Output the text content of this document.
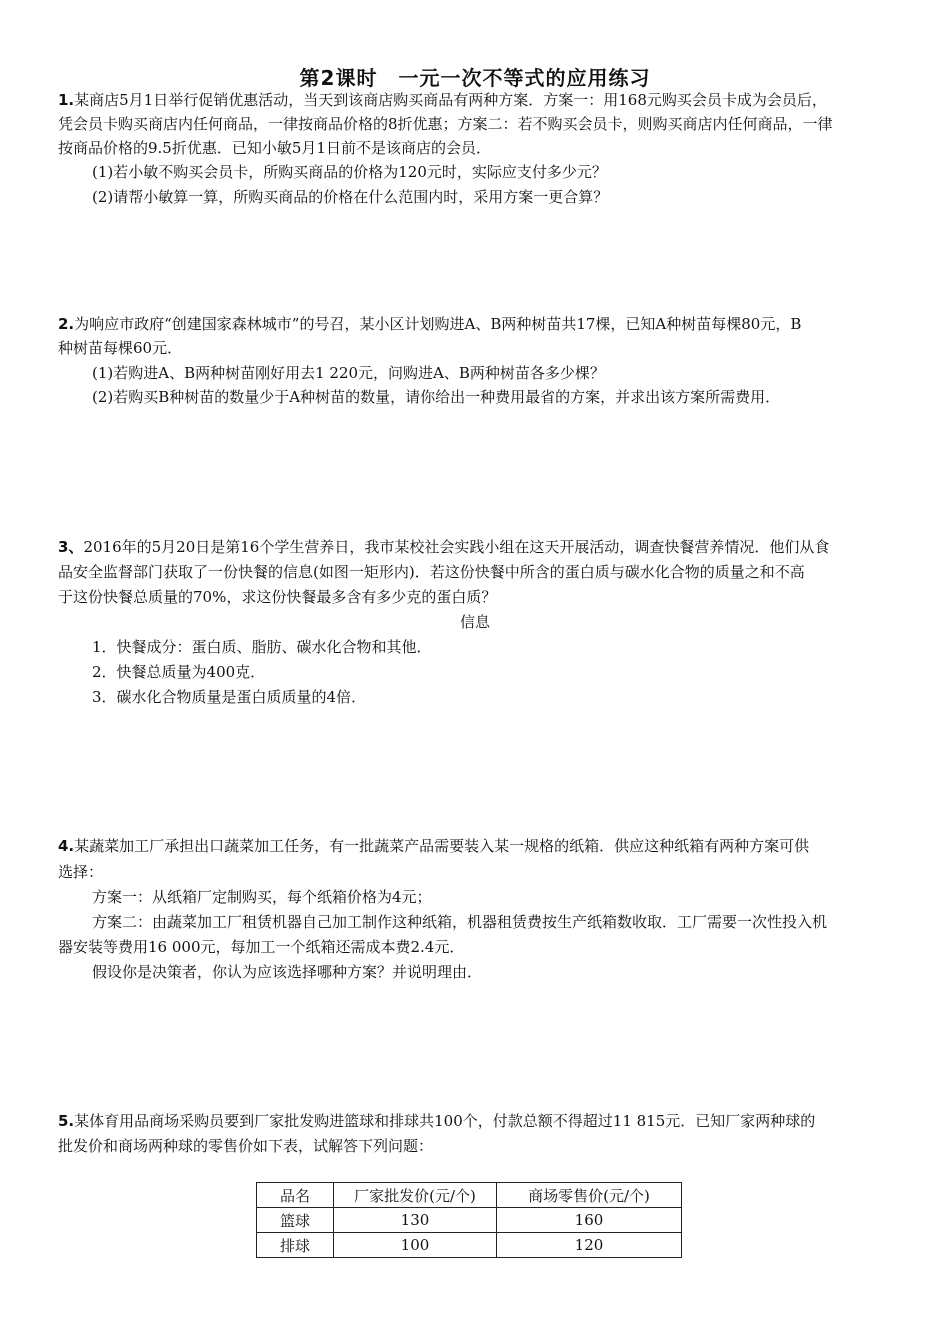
第2课时　一元一次不等式的应用练习
1.某商店5月1日举行促销优惠活动，当天到该商店购买商品有两种方案．方案一：用168元购买会员卡成为会员后，
凭会员卡购买商店内任何商品，一律按商品价格的8折优惠；方案二：若不购买会员卡，则购买商店内任何商品，一律
按商品价格的9.5折优惠．已知小敏5月1日前不是该商店的会员．
(1)若小敏不购买会员卡，所购买商品的价格为120元时，实际应支付多少元？
(2)请帮小敏算一算，所购买商品的价格在什么范围内时，采用方案一更合算？
2.为响应市政府“创建国家森林城市”的号召，某小区计划购进A、B两种树苗共17棵，已知A种树苗每棵80元，B
种树苗每棵60元．
(1)若购进A、B两种树苗刚好用去1 220元，问购进A、B两种树苗各多少棵？
(2)若购买B种树苗的数量少于A种树苗的数量，请你给出一种费用最省的方案，并求出该方案所需费用．
3、2016年的5月20日是第16个学生营养日，我市某校社会实践小组在这天开展活动，调查快餐营养情况．他们从食
品安全监督部门获取了一份快餐的信息(如图一矩形内)．若这份快餐中所含的蛋白质与碳水化合物的质量之和不高
于这份快餐总质量的70%，求这份快餐最多含有多少克的蛋白质？
信息
1．快餐成分：蛋白质、脂肪、碳水化合物和其他．
2．快餐总质量为400克．
3．碳水化合物质量是蛋白质质量的4倍．
4.某蔬菜加工厂承担出口蔬菜加工任务，有一批蔬菜产品需要装入某一规格的纸箱．供应这种纸箱有两种方案可供
选择：
方案一：从纸箱厂定制购买，每个纸箱价格为4元；
方案二：由蔬菜加工厂租赁机器自己加工制作这种纸箱，机器租赁费按生产纸箱数收取．工厂需要一次性投入机
器安装等费用16 000元，每加工一个纸箱还需成本费2.4元．
假设你是决策者，你认为应该选择哪种方案？并说明理由．
5.某体育用品商场采购员要到厂家批发购进篮球和排球共100个，付款总额不得超过11 815元．已知厂家两种球的
批发价和商场两种球的零售价如下表，试解答下列问题：
品名	厂家批发价(元/个)	商场零售价(元/个)
篮球	130	160
排球	100	120
